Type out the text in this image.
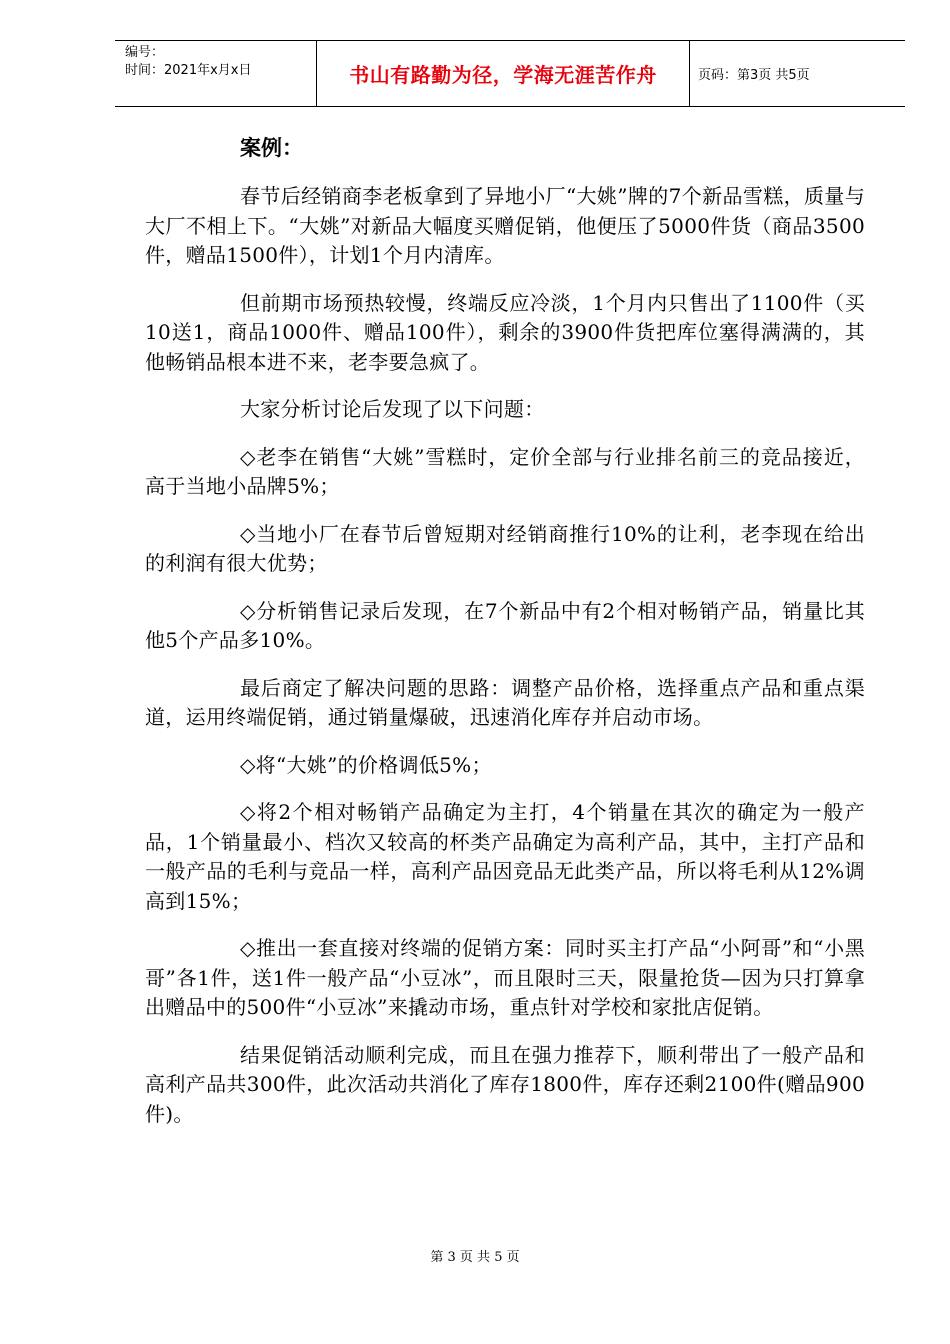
编号：
时间：2021年x月x日	书山有路勤为径，学海无涯苦作舟	页码：第3页 共5页
案例：

春节后经销商李老板拿到了异地小厂“大姚”牌的7个新品雪糕，质量与大厂不相上下。“大姚”对新品大幅度买赠促销，他便压了5000件货（商品3500件，赠品1500件），计划1个月内清库。

但前期市场预热较慢，终端反应冷淡，1个月内只售出了1100件（买10送1，商品1000件、赠品100件），剩余的3900件货把库位塞得满满的，其他畅销品根本进不来，老李要急疯了。

大家分析讨论后发现了以下问题：

◇老李在销售“大姚”雪糕时，定价全部与行业排名前三的竞品接近，高于当地小品牌5%；

◇当地小厂在春节后曾短期对经销商推行10%的让利，老李现在给出的利润有很大优势；

◇分析销售记录后发现，在7个新品中有2个相对畅销产品，销量比其他5个产品多10%。

最后商定了解决问题的思路：调整产品价格，选择重点产品和重点渠道，运用终端促销，通过销量爆破，迅速消化库存并启动市场。

◇将“大姚”的价格调低5%；

◇将2个相对畅销产品确定为主打，4个销量在其次的确定为一般产品，1个销量最小、档次又较高的杯类产品确定为高利产品，其中，主打产品和一般产品的毛利与竞品一样，高利产品因竞品无此类产品，所以将毛利从12%调高到15%；

◇推出一套直接对终端的促销方案：同时买主打产品“小阿哥”和“小黑哥”各1件，送1件一般产品“小豆冰”，而且限时三天，限量抢货—因为只打算拿出赠品中的500件“小豆冰”来撬动市场，重点针对学校和家批店促销。

结果促销活动顺利完成，而且在强力推荐下，顺利带出了一般产品和高利产品共300件，此次活动共消化了库存1800件，库存还剩2100件(赠品900件)。

第 3 页 共 5 页
